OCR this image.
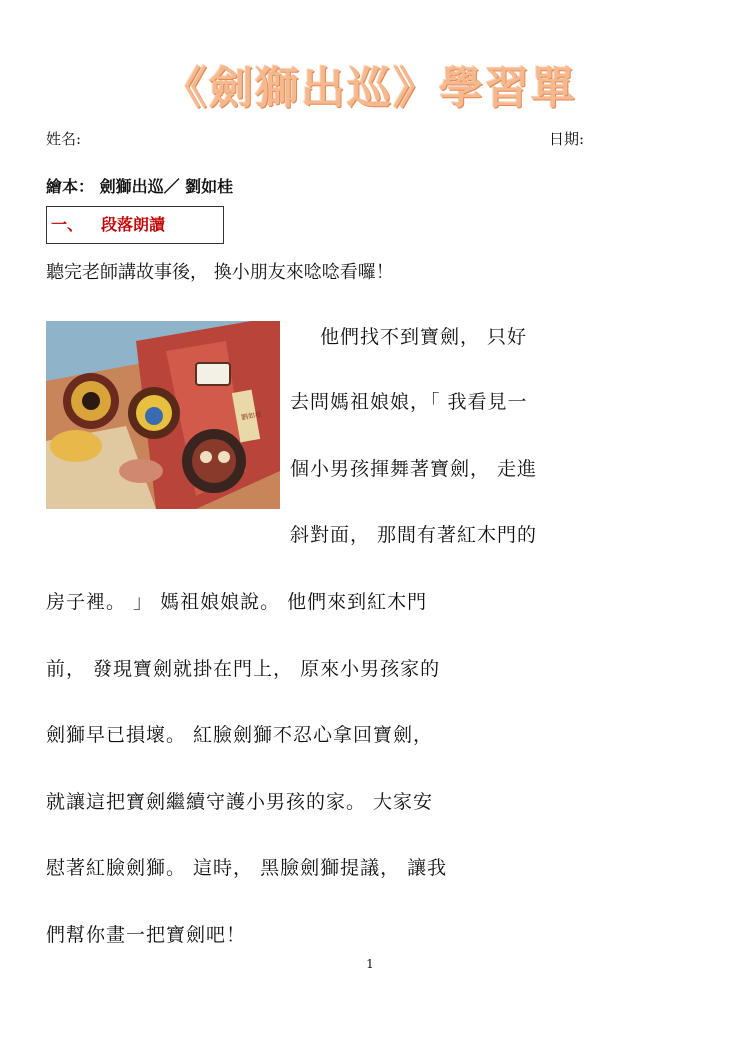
《劍獅出巡》學習單
姓名:	日期:
繪本： 劍獅出巡／ 劉如桂
一、 段落朗讀
聽完老師講故事後， 換小朋友來唸唸看囉！
劉如桂
他們找不到寶劍， 只好
去問媽祖娘娘，「 我看見一
個小男孩揮舞著寶劍， 走進
斜對面， 那間有著紅木門的
房子裡。 」 媽祖娘娘說。 他們來到紅木門
前， 發現寶劍就掛在門上， 原來小男孩家的
劍獅早已損壞。 紅臉劍獅不忍心拿回寶劍，
就讓這把寶劍繼續守護小男孩的家。 大家安
慰著紅臉劍獅。 這時， 黑臉劍獅提議， 讓我
們幫你畫一把寶劍吧！
1
